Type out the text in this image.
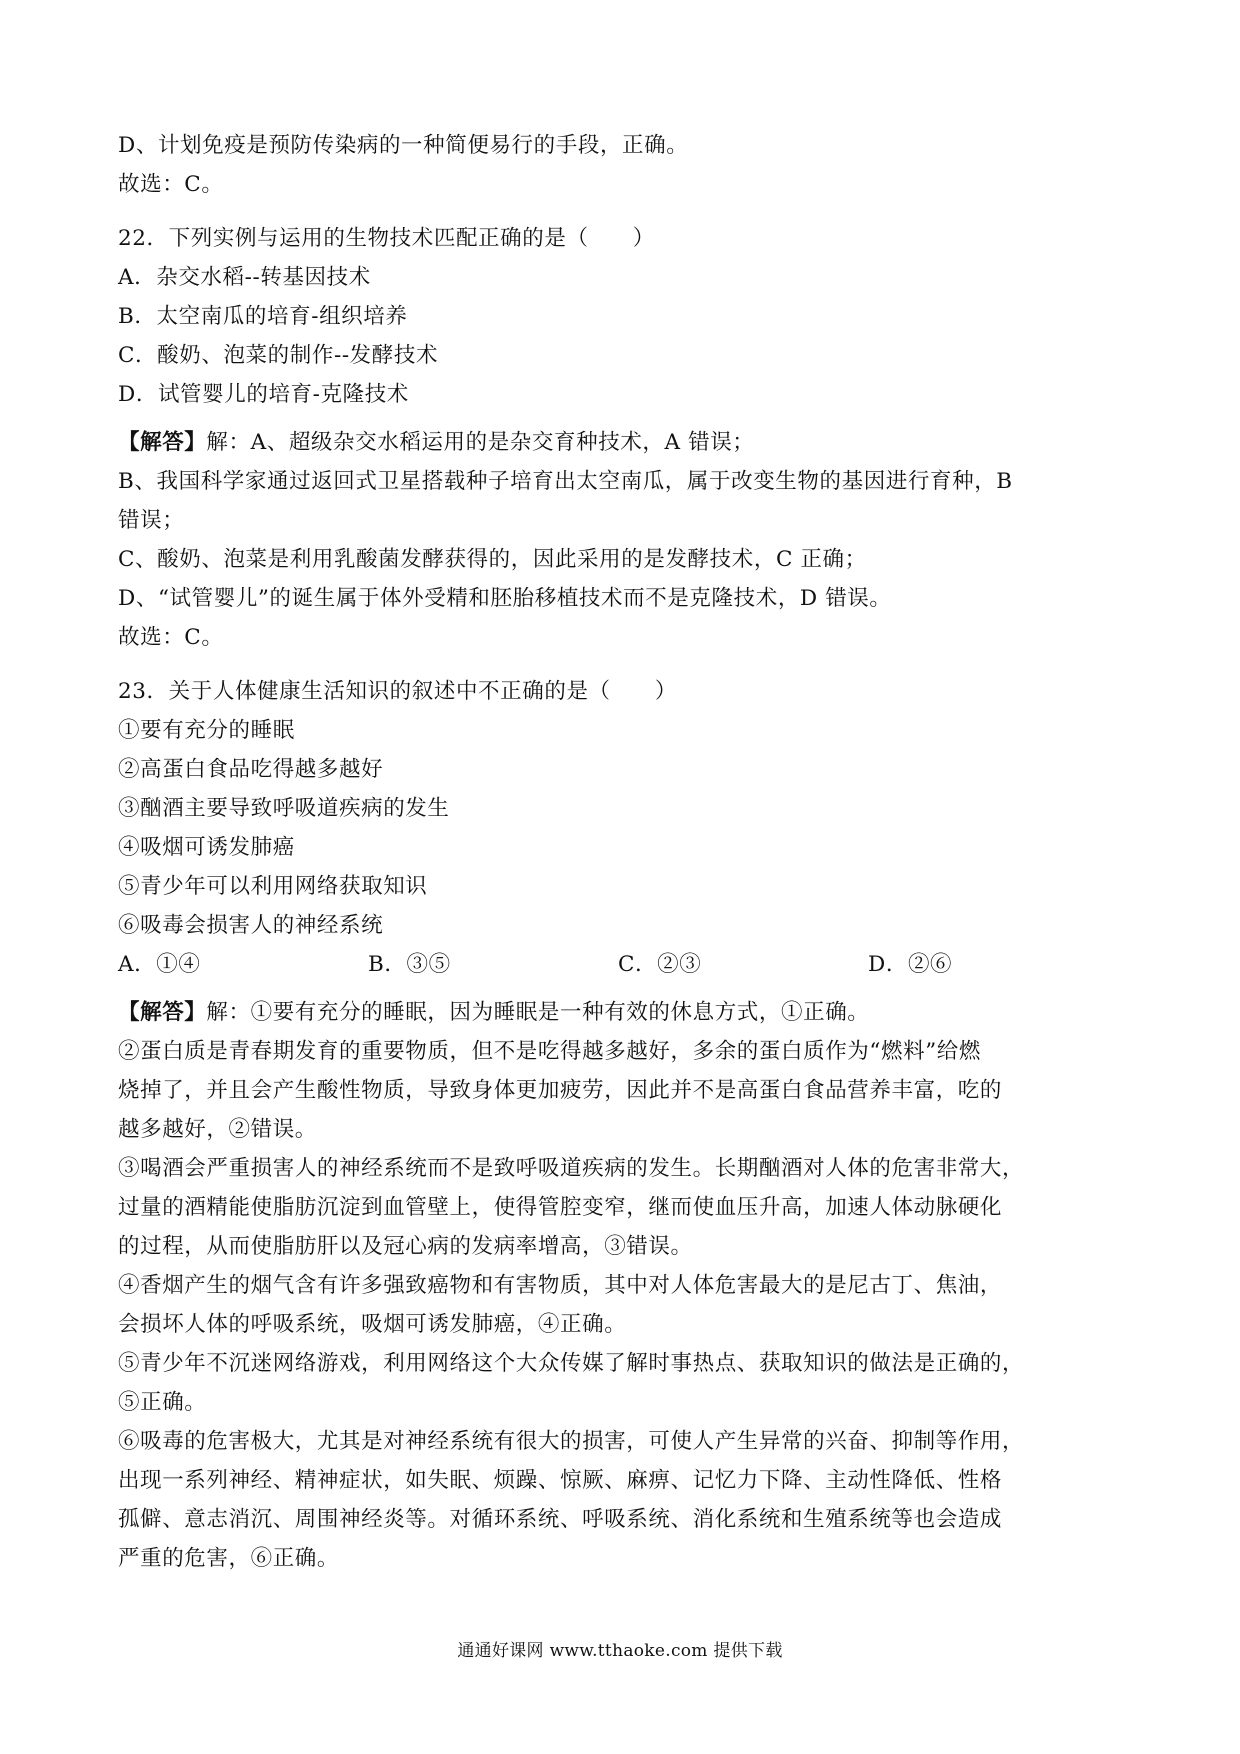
D、计划免疫是预防传染病的一种简便易行的手段，正确。
故选：C。
22．下列实例与运用的生物技术匹配正确的是（　　）
A．杂交水稻--转基因技术
B．太空南瓜的培育-组织培养
C．酸奶、泡菜的制作--发酵技术
D．试管婴儿的培育-克隆技术
【解答】解：A、超级杂交水稻运用的是杂交育种技术，A 错误；
B、我国科学家通过返回式卫星搭载种子培育出太空南瓜，属于改变生物的基因进行育种，B
错误；
C、酸奶、泡菜是利用乳酸菌发酵获得的，因此采用的是发酵技术，C 正确；
D、“试管婴儿”的诞生属于体外受精和胚胎移植技术而不是克隆技术，D 错误。
故选：C。
23．关于人体健康生活知识的叙述中不正确的是（　　）
①要有充分的睡眠
②高蛋白食品吃得越多越好
③酗酒主要导致呼吸道疾病的发生
④吸烟可诱发肺癌
⑤青少年可以利用网络获取知识
⑥吸毒会损害人的神经系统
A．①④	B．③⑤	C．②③	D．②⑥
【解答】解：①要有充分的睡眠，因为睡眠是一种有效的休息方式，①正确。
②蛋白质是青春期发育的重要物质，但不是吃得越多越好，多余的蛋白质作为“燃料”给燃
烧掉了，并且会产生酸性物质，导致身体更加疲劳，因此并不是高蛋白食品营养丰富，吃的
越多越好，②错误。
③喝酒会严重损害人的神经系统而不是致呼吸道疾病的发生。长期酗酒对人体的危害非常大，
过量的酒精能使脂肪沉淀到血管壁上，使得管腔变窄，继而使血压升高，加速人体动脉硬化
的过程，从而使脂肪肝以及冠心病的发病率增高，③错误。
④香烟产生的烟气含有许多强致癌物和有害物质，其中对人体危害最大的是尼古丁、焦油，
会损坏人体的呼吸系统，吸烟可诱发肺癌，④正确。
⑤青少年不沉迷网络游戏，利用网络这个大众传媒了解时事热点、获取知识的做法是正确的，
⑤正确。
⑥吸毒的危害极大，尤其是对神经系统有很大的损害，可使人产生异常的兴奋、抑制等作用，
出现一系列神经、精神症状，如失眠、烦躁、惊厥、麻痹、记忆力下降、主动性降低、性格
孤僻、意志消沉、周围神经炎等。对循环系统、呼吸系统、消化系统和生殖系统等也会造成
严重的危害，⑥正确。
通通好课网 www.tthaoke.com 提供下载
